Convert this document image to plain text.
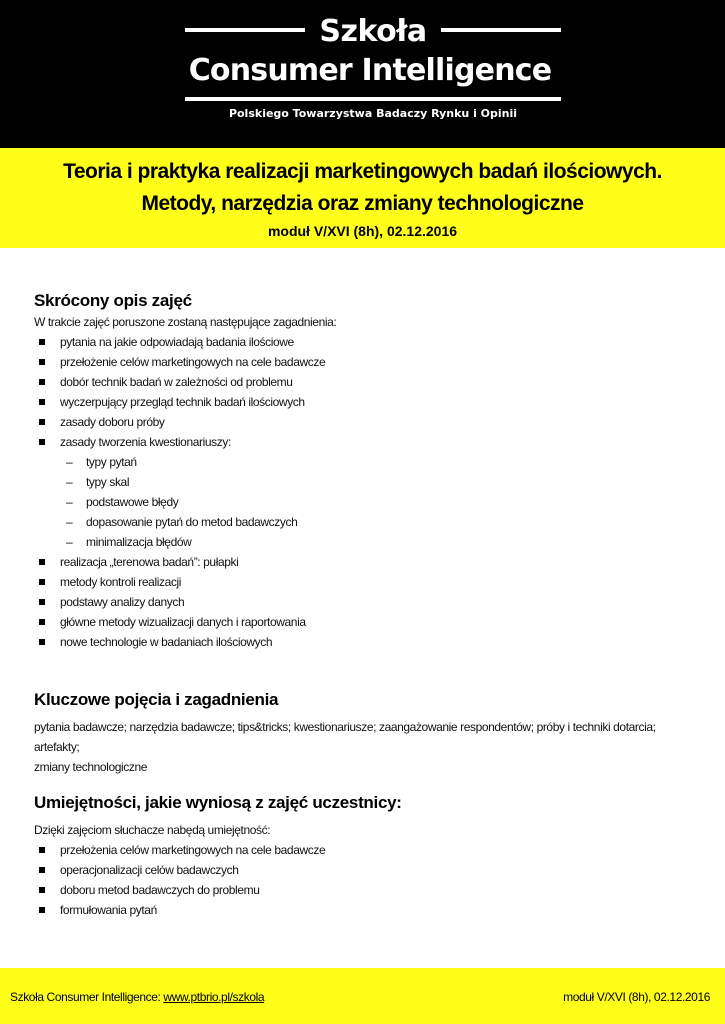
Szkoła
Consumer Intelligence
Polskiego Towarzystwa Badaczy Rynku i Opinii
Teoria i praktyka realizacji marketingowych badań ilościowych.
Metody, narzędzia oraz zmiany technologiczne
moduł V/XVI (8h), 02.12.2016
Skrócony opis zajęć

W trakcie zajęć poruszone zostaną następujące zagadnienia:

pytania na jakie odpowiadają badania ilościowe
przełożenie celów marketingowych na cele badawcze
dobór technik badań w zależności od problemu
wyczerpujący przegląd technik badań ilościowych
zasady doboru próby
zasady tworzenia kwestionariuszy:
– typy pytań
– typy skal
– podstawowe błędy
– dopasowanie pytań do metod badawczych
– minimalizacja błędów
realizacja „terenowa badań”: pułapki
metody kontroli realizacji
podstawy analizy danych
główne metody wizualizacji danych i raportowania
nowe technologie w badaniach ilościowych
Kluczowe pojęcia i zagadnienia

pytania badawcze; narzędzia badawcze; tips&tricks; kwestionariusze; zaangażowanie respondentów; próby i techniki dotarcia; artefakty;

zmiany technologiczne

Umiejętności, jakie wyniosą z zajęć uczestnicy:

Dzięki zajęciom słuchacze nabędą umiejętność:

przełożenia celów marketingowych na cele badawcze
operacjonalizacji celów badawczych
doboru metod badawczych do problemu
formułowania pytań
Szkoła Consumer Intelligence: www.ptbrio.pl/szkola	moduł V/XVI (8h), 02.12.2016
